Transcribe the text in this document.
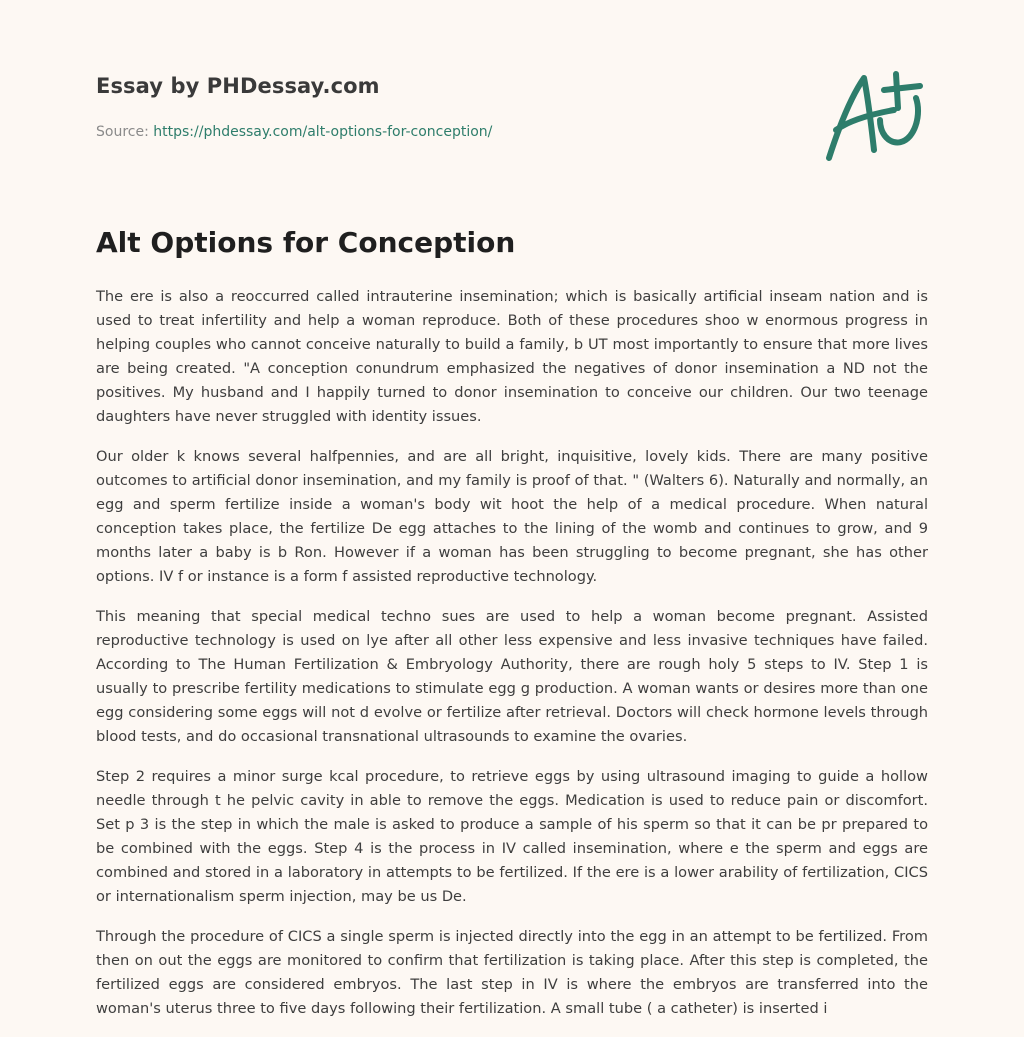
Essay by PHDessay.com
Source: https://phdessay.com/alt-options-for-conception/
Alt Options for Conception

The ere is also a reoccurred called intrauterine insemination; which is basically artificial inseam nation and is used to treat infertility and help a woman reproduce. Both of these procedures shoo w enormous progress in helping couples who cannot conceive naturally to build a family, b UT most importantly to ensure that more lives are being created. "A conception conundrum emphasized the negatives of donor insemination a ND not the positives. My husband and I happily turned to donor insemination to conceive our children. Our two teenage daughters have never struggled with identity issues.

Our older k knows several halfpennies, and are all bright, inquisitive, lovely kids. There are many positive outcomes to artificial donor insemination, and my family is proof of that. " (Walters 6). Naturally and normally, an egg and sperm fertilize inside a woman's body wit hoot the help of a medical procedure. When natural conception takes place, the fertilize De egg attaches to the lining of the womb and continues to grow, and 9 months later a baby is b Ron. However if a woman has been struggling to become pregnant, she has other options. IV f or instance is a form f assisted reproductive technology.

This meaning that special medical techno sues are used to help a woman become pregnant. Assisted reproductive technology is used on lye after all other less expensive and less invasive techniques have failed. According to The Human Fertilization & Embryology Authority, there are rough holy 5 steps to IV. Step 1 is usually to prescribe fertility medications to stimulate egg g production. A woman wants or desires more than one egg considering some eggs will not d evolve or fertilize after retrieval. Doctors will check hormone levels through blood tests, and do occasional transnational ultrasounds to examine the ovaries.

Step 2 requires a minor surge kcal procedure, to retrieve eggs by using ultrasound imaging to guide a hollow needle through t he pelvic cavity in able to remove the eggs. Medication is used to reduce pain or discomfort. Set p 3 is the step in which the male is asked to produce a sample of his sperm so that it can be pr prepared to be combined with the eggs. Step 4 is the process in IV called insemination, where e the sperm and eggs are combined and stored in a laboratory in attempts to be fertilized. If the ere is a lower arability of fertilization, CICS or internationalism sperm injection, may be us De.

Through the procedure of CICS a single sperm is injected directly into the egg in an attempt to be fertilized. From then on out the eggs are monitored to confirm that fertilization is taking place. After this step is completed, the fertilized eggs are considered embryos. The last step in IV is where the embryos are transferred into the woman's uterus three to five days following their fertilization. A small tube ( a catheter) is inserted i
